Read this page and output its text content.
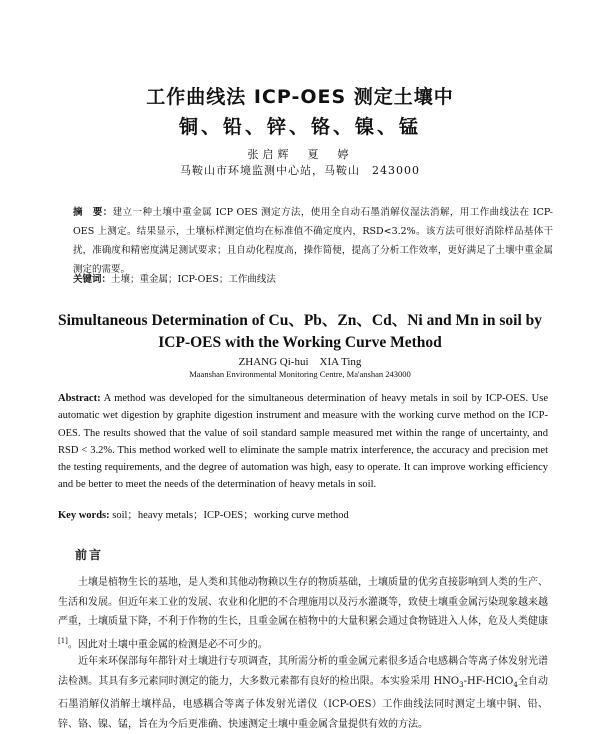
工作曲线法 ICP-OES 测定土壤中
铜、铅、锌、铬、镍、锰
张启辉　夏　婷
马鞍山市环境监测中心站，马鞍山　243000
摘　要：建立一种土壤中重金属 ICP OES 测定方法，使用全自动石墨消解仪湿法消解，用工作曲线法在 ICP-OES 上测定。结果显示，土壤标样测定值均在标准值不确定度内，RSD<3.2%。该方法可很好消除样品基体干扰，准确度和精密度满足测试要求；且自动化程度高，操作简便，提高了分析工作效率，更好满足了土壤中重金属测定的需要。
关键词：土壤；重金属；ICP-OES；工作曲线法
Simultaneous Determination of Cu、Pb、Zn、Cd、Ni and Mn in soil by
ICP-OES with the Working Curve Method
ZHANG Qi-hui　XIA Ting
Maanshan Environmental Monitoring Centre, Ma'anshan 243000
Abstract: A method was developed for the simultaneous determination of heavy metals in soil by ICP-OES. Use automatic wet digestion by graphite digestion instrument and measure with the working curve method on the ICP-OES. The results showed that the value of soil standard sample measured met within the range of uncertainty, and RSD < 3.2%. This method worked well to eliminate the sample matrix interference, the accuracy and precision met the testing requirements, and the degree of automation was high, easy to operate. It can improve working efficiency and be better to meet the needs of the determination of heavy metals in soil.
Key words: soil；heavy metals；ICP-OES；working curve method
前言
土壤是植物生长的基地，是人类和其他动物赖以生存的物质基础，土壤质量的优劣直接影响到人类的生产、生活和发展。但近年来工业的发展、农业和化肥的不合理施用以及污水灌溉等，致使土壤重金属污染现象越来越严重，土壤质量下降，不利于作物的生长，且重金属在植物中的大量积累会通过食物链进入人体，危及人类健康[1]。因此对土壤中重金属的检测是必不可少的。
近年来环保部每年都针对土壤进行专项调查，其所需分析的重金属元素很多适合电感耦合等离子体发射光谱法检测。其具有多元素同时测定的能力，大多数元素都有良好的检出限。本实验采用 $HNO_3-HF-HClO_4$全自动石墨消解仪消解土壤样品，电感耦合等离子体发射光谱仪（ICP-OES）工作曲线法同时测定土壤中铜、铅、锌、铬、镍、锰，旨在为今后更准确、快速测定土壤中重金属含量提供有效的方法。
